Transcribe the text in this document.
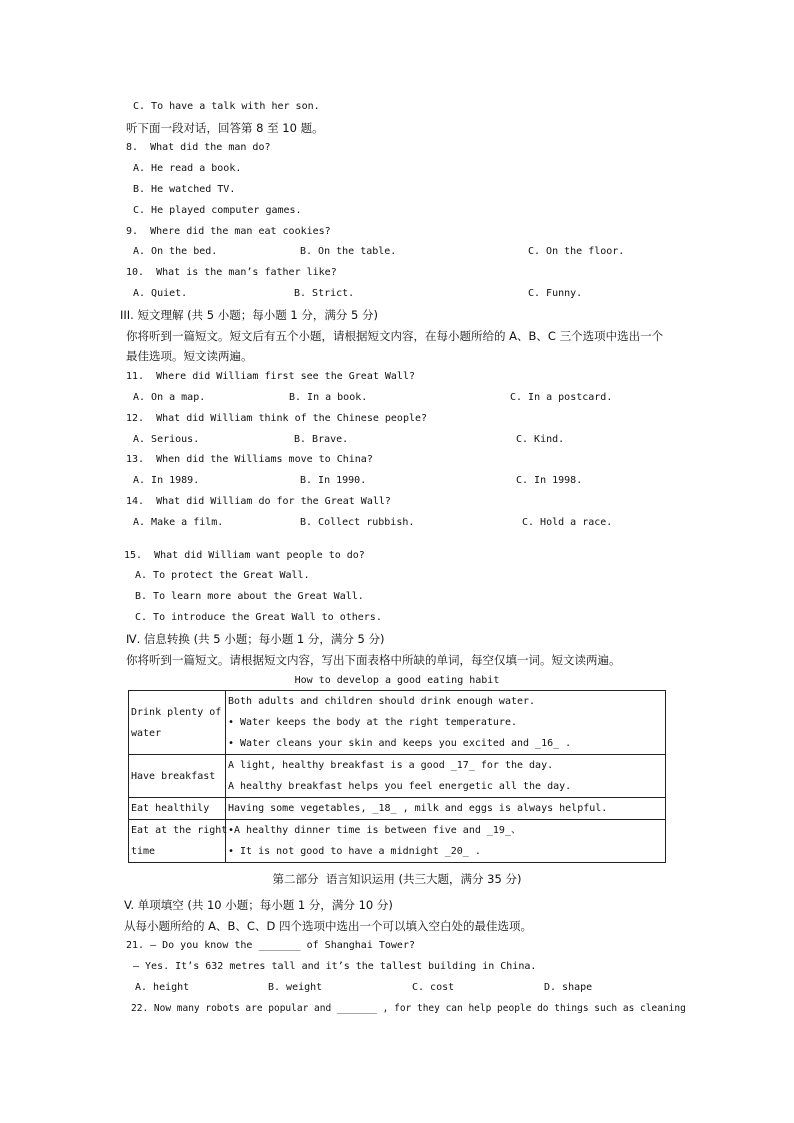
C. To have a talk with her son.
听下面一段对话，回答第 8 至 10 题。
8.  What did the man do?
A. He read a book.
B. He watched TV.
C. He played computer games.
9.  Where did the man eat cookies?
A. On the bed.	B. On the table.	C. On the floor.
10.  What is the man’s father like?
A. Quiet.	B. Strict.	C. Funny.
III. 短文理解 (共 5 小题；每小题 1 分，满分 5 分)
你将听到一篇短文。短文后有五个小题，请根据短文内容，在每小题所给的 A、B、C 三个选项中选出一个
最佳选项。短文读两遍。
11.  Where did William first see the Great Wall?
A. On a map.	B. In a book.	C. In a postcard.
12.  What did William think of the Chinese people?
A. Serious.	B. Brave.	C. Kind.
13.  When did the Williams move to China?
A. In 1989.	B. In 1990.	C. In 1998.
14.  What did William do for the Great Wall?
A. Make a film.	B. Collect rubbish.	C. Hold a race.
15.  What did William want people to do?
A. To protect the Great Wall.
B. To learn more about the Great Wall.
C. To introduce the Great Wall to others.
Ⅳ. 信息转换 (共 5 小题；每小题 1 分，满分 5 分)
你将听到一篇短文。请根据短文内容，写出下面表格中所缺的单词，每空仅填一词。短文读两遍。
How to develop a good eating habit
Drink plenty of
water	Both adults and children should drink enough water.
• Water keeps the body at the right temperature.
• Water cleans your skin and keeps you excited and _16_ .

Have breakfast	A light, healthy breakfast is a good _17_ for the day.
A healthy breakfast helps you feel energetic all the day.

Eat healthily	Having some vegetables, _18_ , milk and eggs is always helpful.

Eat at the right
time	•A healthy dinner time is between five and _19_、
• It is not good to have a midnight _20_ .
第二部分  语言知识运用 (共三大题，满分 35 分)
V. 单项填空 (共 10 小题；每小题 1 分，满分 10 分)
从每小题所给的 A、B、C、D 四个选项中选出一个可以填入空白处的最佳选项。
21. — Do you know the _______ of Shanghai Tower?
— Yes. It’s 632 metres tall and it’s the tallest building in China.
A. height	B. weight	C. cost	D. shape
22. Now many robots are popular and _______ , for they can help people do things such as cleaning
